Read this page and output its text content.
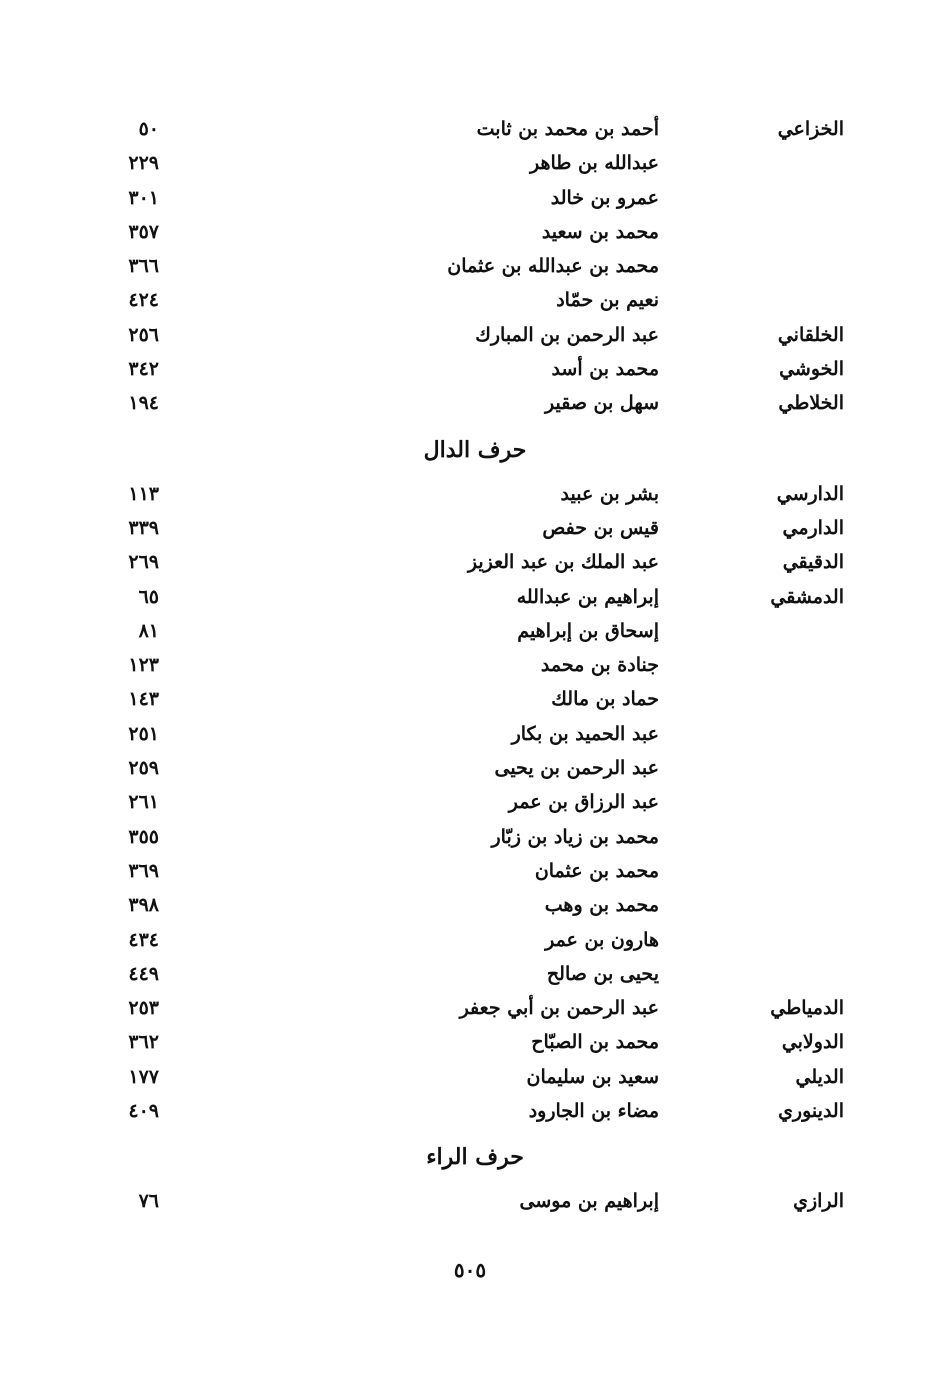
الخزاعي
أحمد بن محمد بن ثابت
٥٠
عبدالله بن طاهر
٢٢٩
عمرو بن خالد
٣٠١
محمد بن سعيد
٣٥٧
محمد بن عبدالله بن عثمان
٣٦٦
نعيم بن حمّاد
٤٢٤
الخلقاني
عبد الرحمن بن المبارك
٢٥٦
الخوشي
محمد بن أسد
٣٤٢
الخلاطي
سهل بن صقير
١٩٤
حرف الدال
الدارسي
بشر بن عبيد
١١٣
الدارمي
قيس بن حفص
٣٣٩
الدقيقي
عبد الملك بن عبد العزيز
٢٦٩
الدمشقي
إبراهيم بن عبدالله
٦٥
إسحاق بن إبراهيم
٨١
جنادة بن محمد
١٢٣
حماد بن مالك
١٤٣
عبد الحميد بن بكار
٢٥١
عبد الرحمن بن يحيى
٢٥٩
عبد الرزاق بن عمر
٢٦١
محمد بن زياد بن زبّار
٣٥٥
محمد بن عثمان
٣٦٩
محمد بن وهب
٣٩٨
هارون بن عمر
٤٣٤
يحيى بن صالح
٤٤٩
الدمياطي
عبد الرحمن بن أبي جعفر
٢٥٣
الدولابي
محمد بن الصبّاح
٣٦٢
الديلي
سعيد بن سليمان
١٧٧
الدينوري
مضاء بن الجارود
٤٠٩
حرف الراء
الرازي
إبراهيم بن موسى
٧٦
٥٠٥
